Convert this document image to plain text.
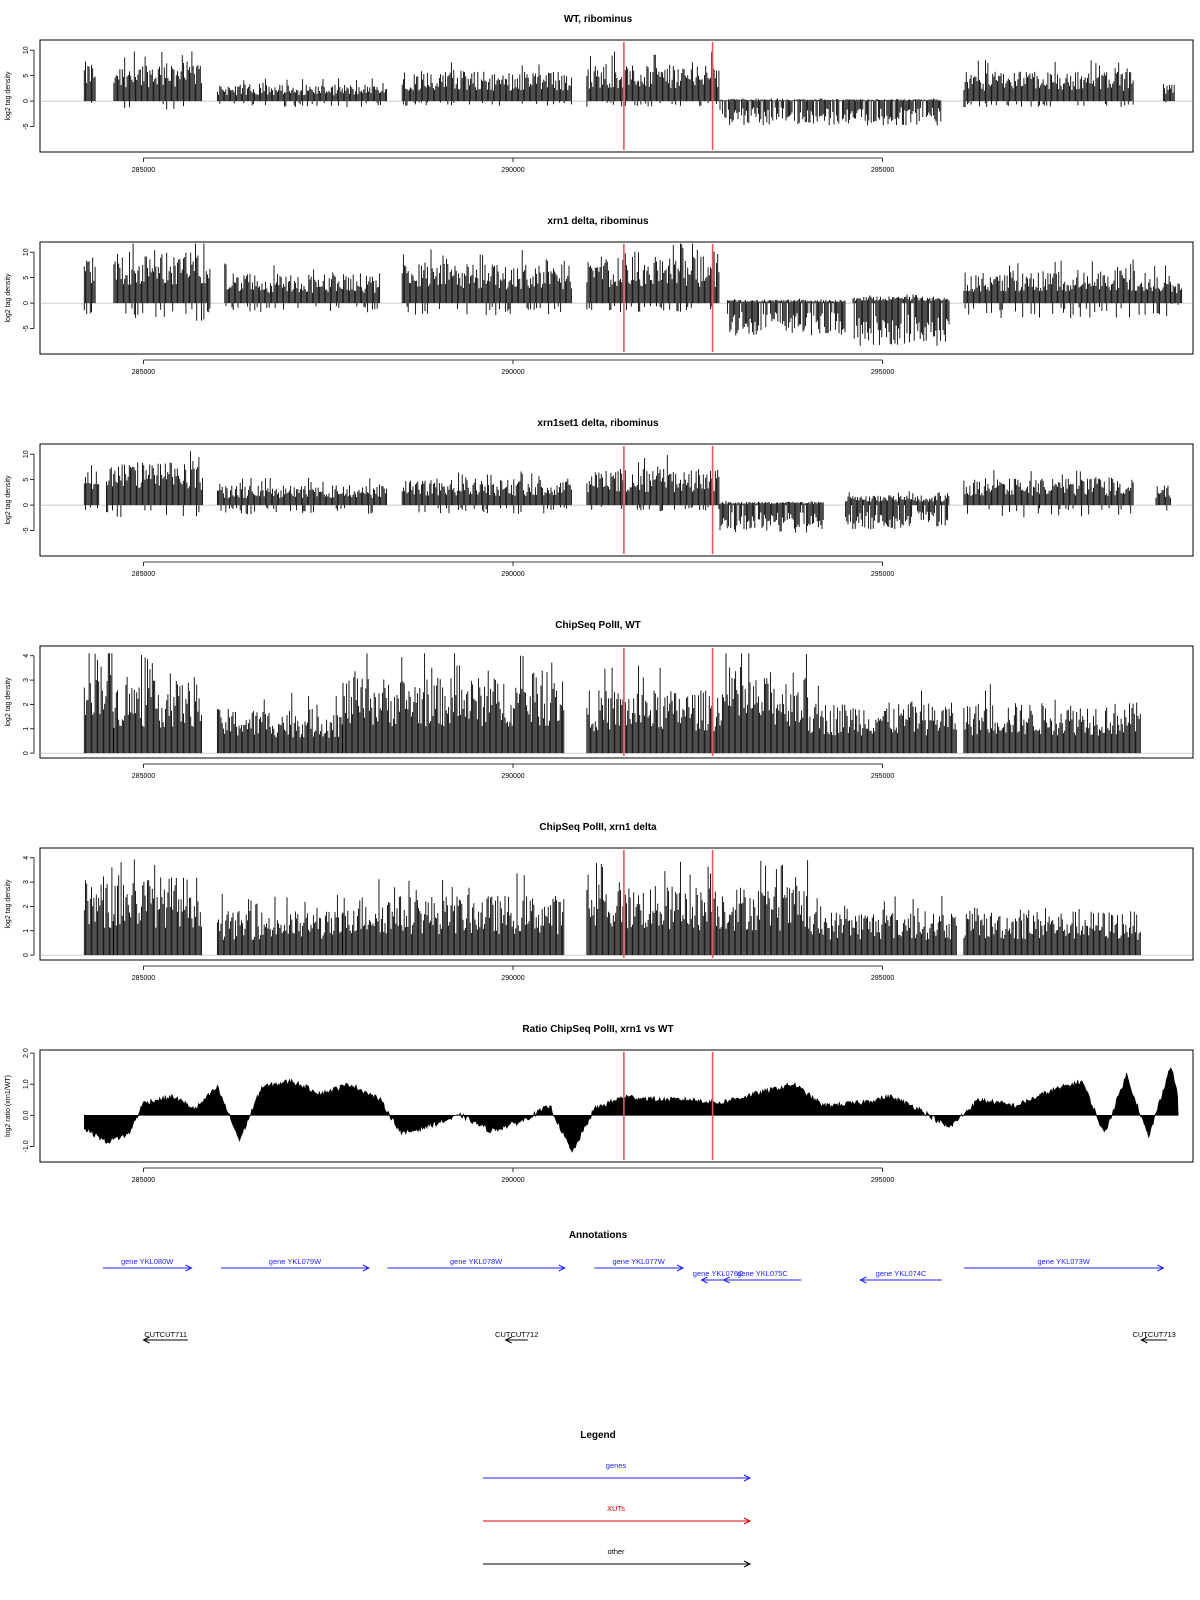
WT, ribominus
log2 tag density
-5
0
5
10
285000	290000	295000
xrn1 delta, ribominus
log2 tag density
-5
0
5
10
285000	290000	295000
xrn1set1 delta, ribominus
log2 tag density
-5
0
5
10
285000	290000	295000
ChipSeq PolII, WT
log2 tag density
0
1
2
3
4
285000	290000	295000
ChipSeq PolII, xrn1 delta
log2 tag density
0
1
2
3
4
285000	290000	295000
Ratio ChipSeq PolII, xrn1 vs WT
log2 ratio (xrn1/WT)
-1.0
0.0
1.0
2.0
285000	290000	295000
Annotations
gene YKL080W	gene YKL079W	gene YKL078W	gene YKL077W
gene YKL076C
gene YKL075C	gene YKL074C
gene YKL073W
CUTCUT711	CUTCUT712	CUTCUT713
Legend
genes
XUTs
other
